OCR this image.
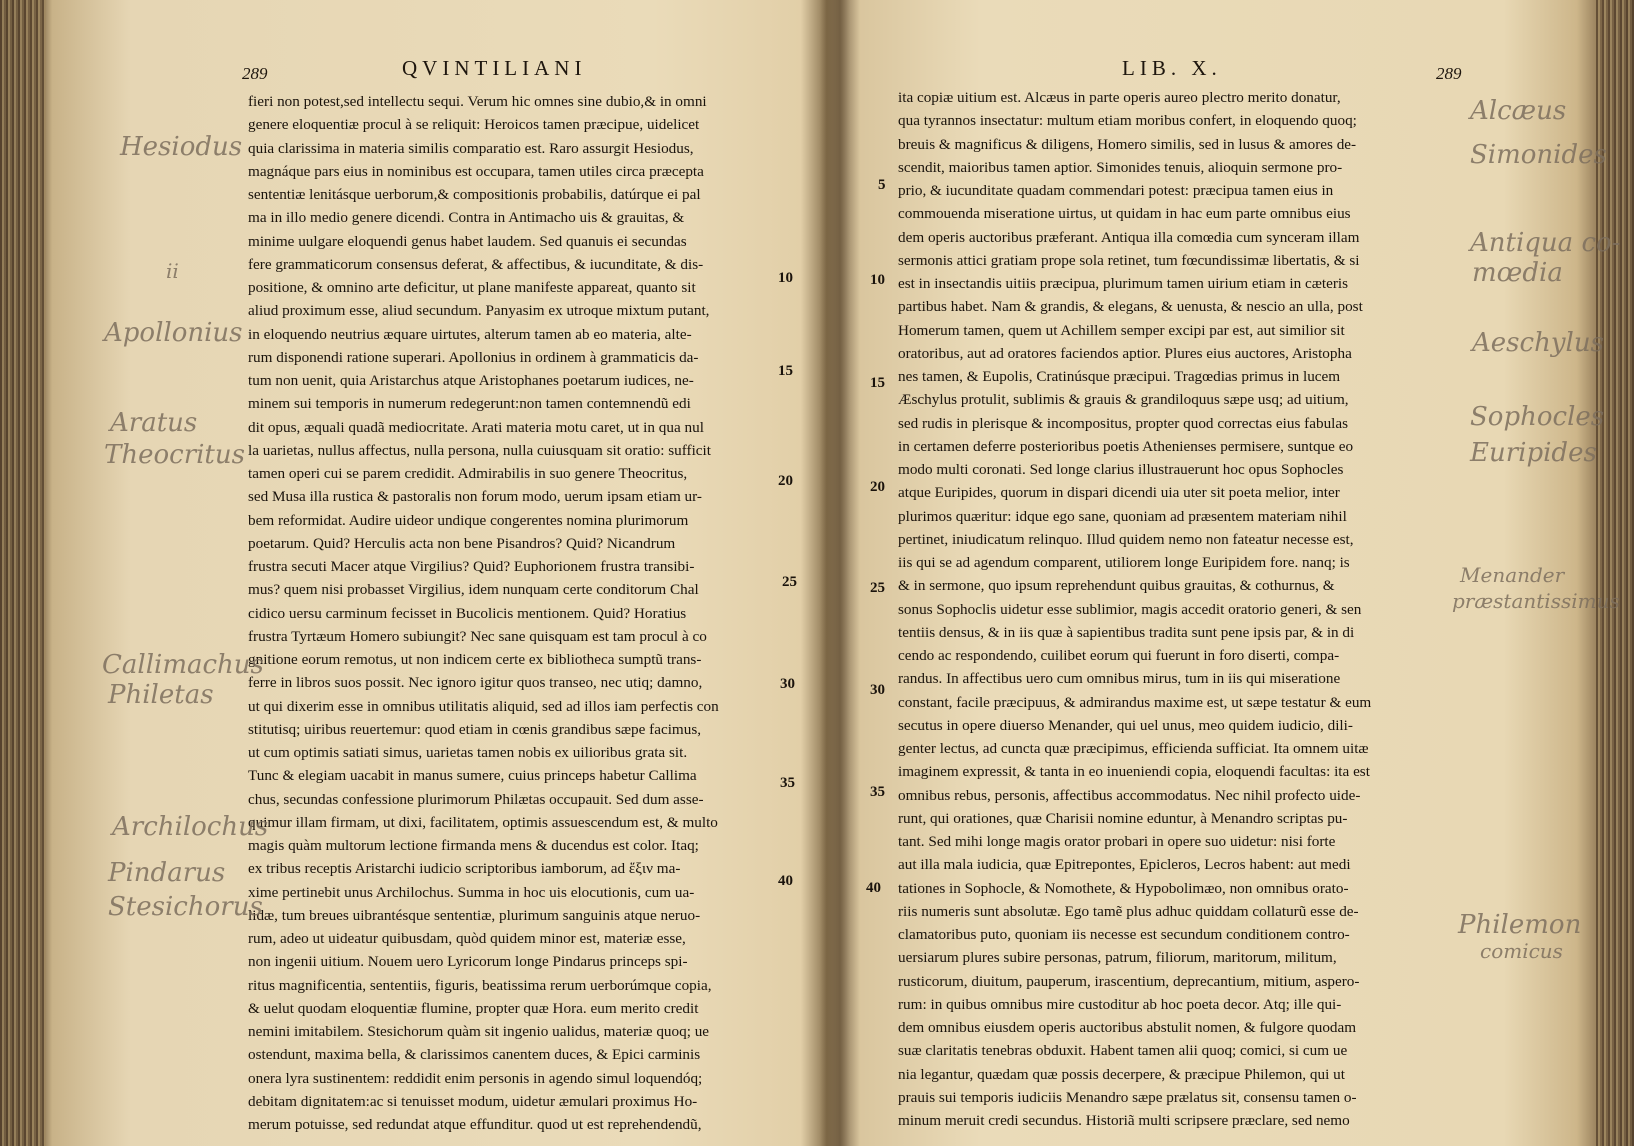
289	QVINTILIANI
fieri non potest,sed intellectu sequi. Verum hic omnes sine dubio,& in omni
genere eloquentiæ procul à se reliquit: Heroicos tamen præcipue, uidelicet
quia clarissima in materia similis comparatio est. Raro assurgit Hesiodus,
magnáque pars eius in nominibus est occupara, tamen utiles circa præcepta
sententiæ lenitásque uerborum,& compositionis probabilis, datúrque ei pal
ma in illo medio genere dicendi. Contra in Antimacho uis & grauitas, &
minime uulgare eloquendi genus habet laudem. Sed quanuis ei secundas
fere grammaticorum consensus deferat, & affectibus, & iucunditate, & dis-
positione, & omnino arte deficitur, ut plane manifeste appareat, quanto sit
aliud proximum esse, aliud secundum. Panyasim ex utroque mixtum putant,
in eloquendo neutrius æquare uirtutes, alterum tamen ab eo materia, alte-
rum disponendi ratione superari. Apollonius in ordinem à grammaticis da-
tum non uenit, quia Aristarchus atque Aristophanes poetarum iudices, ne-
minem sui temporis in numerum redegerunt:non tamen contemnendũ edi
dit opus, æquali quadã mediocritate. Arati materia motu caret, ut in qua nul
la uarietas, nullus affectus, nulla persona, nulla cuiusquam sit oratio: sufficit
tamen operi cui se parem credidit. Admirabilis in suo genere Theocritus,
sed Musa illa rustica & pastoralis non forum modo, uerum ipsam etiam ur-
bem reformidat. Audire uideor undique congerentes nomina plurimorum
poetarum. Quid? Herculis acta non bene Pisandros? Quid? Nicandrum
frustra secuti Macer atque Virgilius? Quid? Euphorionem frustra transibi-
mus? quem nisi probasset Virgilius, idem nunquam certe conditorum Chal
cidico uersu carminum fecisset in Bucolicis mentionem. Quid? Horatius
frustra Tyrtæum Homero subiungit? Nec sane quisquam est tam procul à co
gnitione eorum remotus, ut non indicem certe ex bibliotheca sumptũ trans-
ferre in libros suos possit. Nec ignoro igitur quos transeo, nec utiq; damno,
ut qui dixerim esse in omnibus utilitatis aliquid, sed ad illos iam perfectis con
stitutisq; uiribus reuertemur: quod etiam in cœnis grandibus sæpe facimus,
ut cum optimis satiati simus, uarietas tamen nobis ex uilioribus grata sit.
Tunc & elegiam uacabit in manus sumere, cuius princeps habetur Callima
chus, secundas confessione plurimorum Philætas occupauit. Sed dum asse-
quimur illam firmam, ut dixi, facilitatem, optimis assuescendum est, & multo
magis quàm multorum lectione firmanda mens & ducendus est color. Itaq;
ex tribus receptis Aristarchi iudicio scriptoribus iamborum, ad ἕξιν ma-
xime pertinebit unus Archilochus. Summa in hoc uis elocutionis, cum ua-
lidæ, tum breues uibrantésque sententiæ, plurimum sanguinis atque neruo-
rum, adeo ut uideatur quibusdam, quòd quidem minor est, materiæ esse,
non ingenii uitium. Nouem uero Lyricorum longe Pindarus princeps spi-
ritus magnificentia, sententiis, figuris, beatissima rerum uerborúmque copia,
& uelut quodam eloquentiæ flumine, propter quæ Hora. eum merito credit
nemini imitabilem. Stesichorum quàm sit ingenio ualidus, materiæ quoq; ue
ostendunt, maxima bella, & clarissimos canentem duces, & Epici carminis
onera lyra sustinentem: reddidit enim personis in agendo simul loquendóq;
debitam dignitatem:ac si tenuisset modum, uidetur æmulari proximus Ho-
merum potuisse, sed redundat atque effunditur. quod ut est reprehendendũ,
10
15
20
25
30
35
40
Hesiodus
ii
Apollonius
Aratus
Theocritus
Callimachus
Philetas
Archilochus
Pindarus
Stesichorus
LIB. X.	289
ita copiæ uitium est. Alcæus in parte operis aureo plectro merito donatur,
qua tyrannos insectatur: multum etiam moribus confert, in eloquendo quoq;
breuis & magnificus & diligens, Homero similis, sed in lusus & amores de-
scendit, maioribus tamen aptior. Simonides tenuis, alioquin sermone pro-
prio, & iucunditate quadam commendari potest: præcipua tamen eius in
commouenda miseratione uirtus, ut quidam in hac eum parte omnibus eius
dem operis auctoribus præferant. Antiqua illa comœdia cum synceram illam
sermonis attici gratiam prope sola retinet, tum fœcundissimæ libertatis, & si
est in insectandis uitiis præcipua, plurimum tamen uirium etiam in cæteris
partibus habet. Nam & grandis, & elegans, & uenusta, & nescio an ulla, post
Homerum tamen, quem ut Achillem semper excipi par est, aut similior sit
oratoribus, aut ad oratores faciendos aptior. Plures eius auctores, Aristopha
nes tamen, & Eupolis, Cratinúsque præcipui. Tragœdias primus in lucem
Æschylus protulit, sublimis & grauis & grandiloquus sæpe usq; ad uitium,
sed rudis in plerisque & incompositus, propter quod correctas eius fabulas
in certamen deferre posterioribus poetis Athenienses permisere, suntque eo
modo multi coronati. Sed longe clarius illustrauerunt hoc opus Sophocles
atque Euripides, quorum in dispari dicendi uia uter sit poeta melior, inter
plurimos quæritur: idque ego sane, quoniam ad præsentem materiam nihil
pertinet, iniudicatum relinquo. Illud quidem nemo non fateatur necesse est,
iis qui se ad agendum comparent, utiliorem longe Euripidem fore. nanq; is
& in sermone, quo ipsum reprehendunt quibus grauitas, & cothurnus, &
sonus Sophoclis uidetur esse sublimior, magis accedit oratorio generi, & sen
tentiis densus, & in iis quæ à sapientibus tradita sunt pene ipsis par, & in di
cendo ac respondendo, cuilibet eorum qui fuerunt in foro diserti, compa-
randus. In affectibus uero cum omnibus mirus, tum in iis qui miseratione
constant, facile præcipuus, & admirandus maxime est, ut sæpe testatur & eum
secutus in opere diuerso Menander, qui uel unus, meo quidem iudicio, dili-
genter lectus, ad cuncta quæ præcipimus, efficienda sufficiat. Ita omnem uitæ
imaginem expressit, & tanta in eo inueniendi copia, eloquendi facultas: ita est
omnibus rebus, personis, affectibus accommodatus. Nec nihil profecto uide-
runt, qui orationes, quæ Charisii nomine eduntur, à Menandro scriptas pu-
tant. Sed mihi longe magis orator probari in opere suo uidetur: nisi forte
aut illa mala iudicia, quæ Epitrepontes, Epicleros, Lecros habent: aut medi
tationes in Sophocle, & Nomothete, & Hypobolimæo, non omnibus orato-
riis numeris sunt absolutæ. Ego tamẽ plus adhuc quiddam collaturũ esse de-
clamatoribus puto, quoniam iis necesse est secundum conditionem contro-
uersiarum plures subire personas, patrum, filiorum, maritorum, militum,
rusticorum, diuitum, pauperum, irascentium, deprecantium, mitium, aspero-
rum: in quibus omnibus mire custoditur ab hoc poeta decor. Atq; ille qui-
dem omnibus eiusdem operis auctoribus abstulit nomen, & fulgore quodam
suæ claritatis tenebras obduxit. Habent tamen alii quoq; comici, si cum ue
nia legantur, quædam quæ possis decerpere, & præcipue Philemon, qui ut
prauis sui temporis iudiciis Menandro sæpe prælatus sit, consensu tamen o-
minum meruit credi secundus. Historiã multi scripsere præclare, sed nemo
5
10
15
20
25
30
35
40
Alcæus
Simonides
Antiqua co-
mœdia
Aeschylus
Sophocles
Euripides
Menander
præstantissimus
Philemon
comicus
